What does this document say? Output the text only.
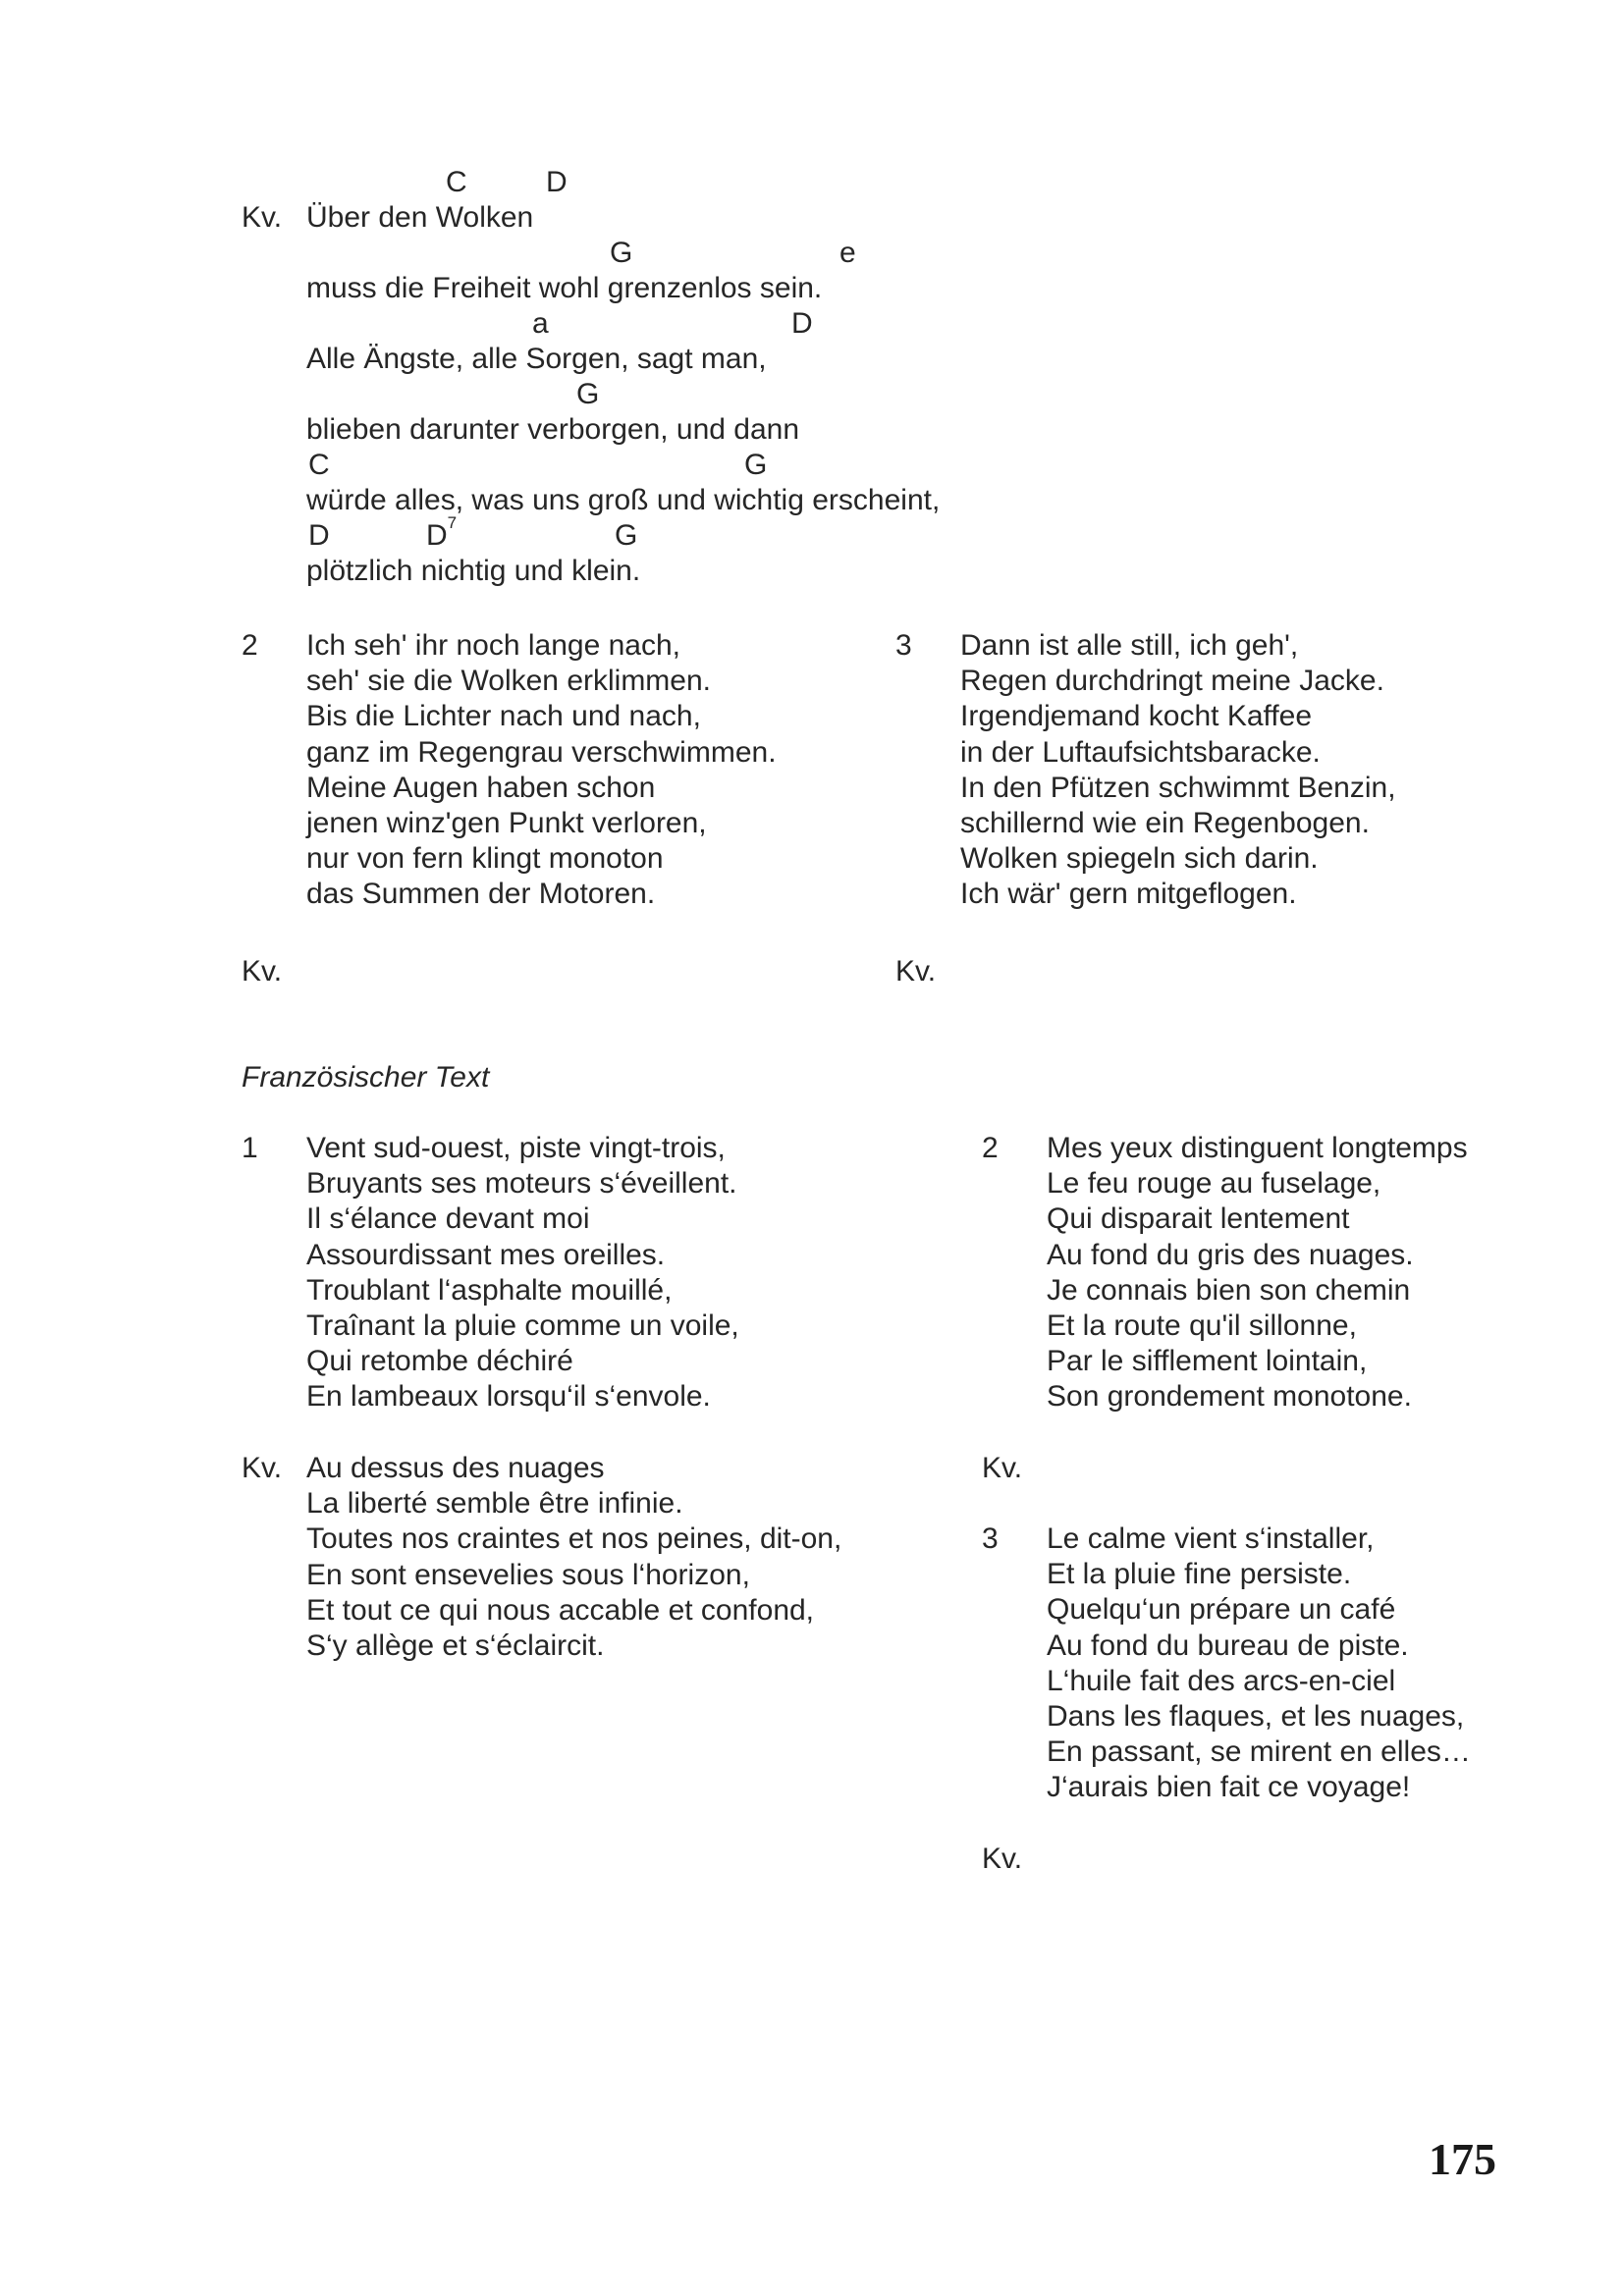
C	D
Kv. Über den Wolken
G	e
muss die Freiheit wohl grenzenlos sein.
a	D
Alle Ängste, alle Sorgen, sagt man,
G
blieben darunter verborgen, und dann
C	G
würde alles, was uns groß und wichtig erscheint,
D	$D^7$	G
plötzlich nichtig und klein.
2 Ich seh' ihr noch lange nach,
seh' sie die Wolken erklimmen.
Bis die Lichter nach und nach,
ganz im Regengrau verschwimmen.
Meine Augen haben schon
jenen winz'gen Punkt verloren,
nur von fern klingt monoton
das Summen der Motoren.
3 Dann ist alle still, ich geh',
Regen durchdringt meine Jacke.
Irgendjemand kocht Kaffee
in der Luftaufsichtsbaracke.
In den Pfützen schwimmt Benzin,
schillernd wie ein Regenbogen.
Wolken spiegeln sich darin.
Ich wär' gern mitgeflogen.
Kv.	Kv.
Französischer Text
1 Vent sud-ouest, piste vingt-trois,
Bruyants ses moteurs s‘éveillent.
Il s‘élance devant moi
Assourdissant mes oreilles.
Troublant l‘asphalte mouillé,
Traînant la pluie comme un voile,
Qui retombe déchiré
En lambeaux lorsqu‘il s‘envole.
2 Mes yeux distinguent longtemps
Le feu rouge au fuselage,
Qui disparait lentement
Au fond du gris des nuages.
Je connais bien son chemin
Et la route qu'il sillonne,
Par le sifflement lointain,
Son grondement monotone.
Kv. Au dessus des nuages
La liberté semble être infinie.
Toutes nos craintes et nos peines, dit-on,
En sont ensevelies sous l‘horizon,
Et tout ce qui nous accable et confond,
S‘y allège et s‘éclaircit.
Kv.
3 Le calme vient s‘installer,
Et la pluie fine persiste.
Quelqu‘un prépare un café
Au fond du bureau de piste.
L‘huile fait des arcs-en-ciel
Dans les flaques, et les nuages,
En passant, se mirent en elles…
J‘aurais bien fait ce voyage!
Kv.
175
